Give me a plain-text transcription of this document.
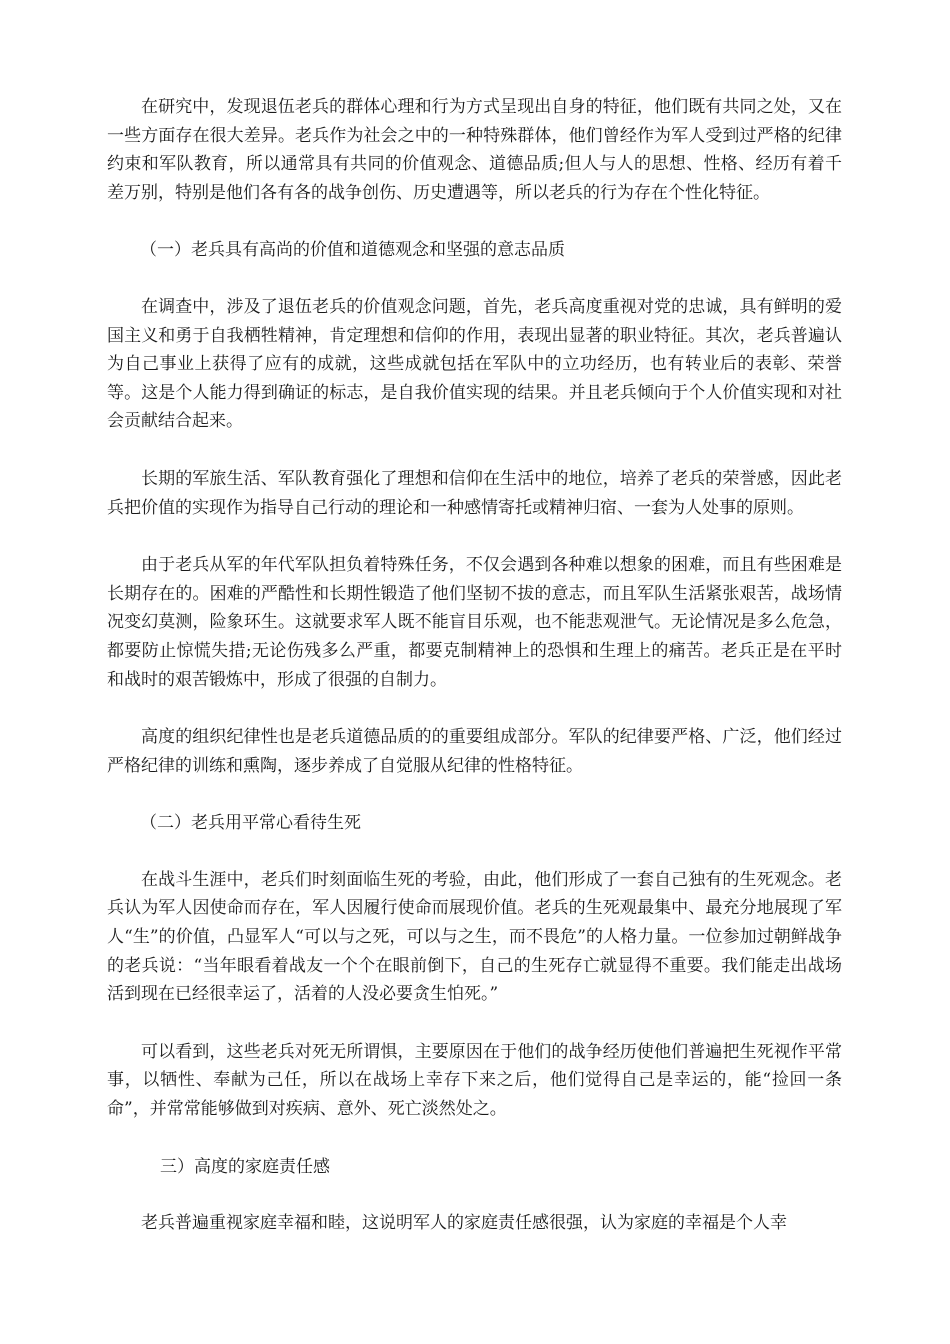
在研究中，发现退伍老兵的群体心理和行为方式呈现出自身的特征，他们既有共同之处，又在一些方面存在很大差异。老兵作为社会之中的一种特殊群体，他们曾经作为军人受到过严格的纪律约束和军队教育，所以通常具有共同的价值观念、道德品质;但人与人的思想、性格、经历有着千差万别，特别是他们各有各的战争创伤、历史遭遇等，所以老兵的行为存在个性化特征。

（一）老兵具有高尚的价值和道德观念和坚强的意志品质

在调查中，涉及了退伍老兵的价值观念问题，首先，老兵高度重视对党的忠诚，具有鲜明的爱国主义和勇于自我栖牲精神，肯定理想和信仰的作用，表现出显著的职业特征。其次，老兵普遍认为自己事业上获得了应有的成就，这些成就包括在军队中的立功经历，也有转业后的表彰、荣誉等。这是个人能力得到确证的标志，是自我价值实现的结果。并且老兵倾向于个人价值实现和对社会贡献结合起来。

长期的军旅生活、军队教育强化了理想和信仰在生活中的地位，培养了老兵的荣誉感，因此老兵把价值的实现作为指导自己行动的理论和一种感情寄托或精神归宿、一套为人处事的原则。

由于老兵从军的年代军队担负着特殊任务，不仅会遇到各种难以想象的困难，而且有些困难是长期存在的。困难的严酷性和长期性锻造了他们坚韧不拔的意志，而且军队生活紧张艰苦，战场情况变幻莫测，险象环生。这就要求军人既不能盲目乐观，也不能悲观泄气。无论情况是多么危急，都要防止惊慌失措;无论伤残多么严重，都要克制精神上的恐惧和生理上的痛苦。老兵正是在平时和战时的艰苦锻炼中，形成了很强的自制力。

高度的组织纪律性也是老兵道德品质的的重要组成部分。军队的纪律要严格、广泛，他们经过严格纪律的训练和熏陶，逐步养成了自觉服从纪律的性格特征。

（二）老兵用平常心看待生死

在战斗生涯中，老兵们时刻面临生死的考验，由此，他们形成了一套自己独有的生死观念。老兵认为军人因使命而存在，军人因履行使命而展现价值。老兵的生死观最集中、最充分地展现了军人“生”的价值，凸显军人“可以与之死，可以与之生，而不畏危”的人格力量。一位参加过朝鲜战争的老兵说：“当年眼看着战友一个个在眼前倒下，自己的生死存亡就显得不重要。我们能走出战场活到现在已经很幸运了，活着的人没必要贪生怕死。”

可以看到，这些老兵对死无所谓惧，主要原因在于他们的战争经历使他们普遍把生死视作平常事，以牺性、奉献为己任，所以在战场上幸存下来之后，他们觉得自己是幸运的，能“捡回一条命”，并常常能够做到对疾病、意外、死亡淡然处之。

三）高度的家庭责任感

老兵普遍重视家庭幸福和睦，这说明军人的家庭责任感很强，认为家庭的幸福是个人幸
